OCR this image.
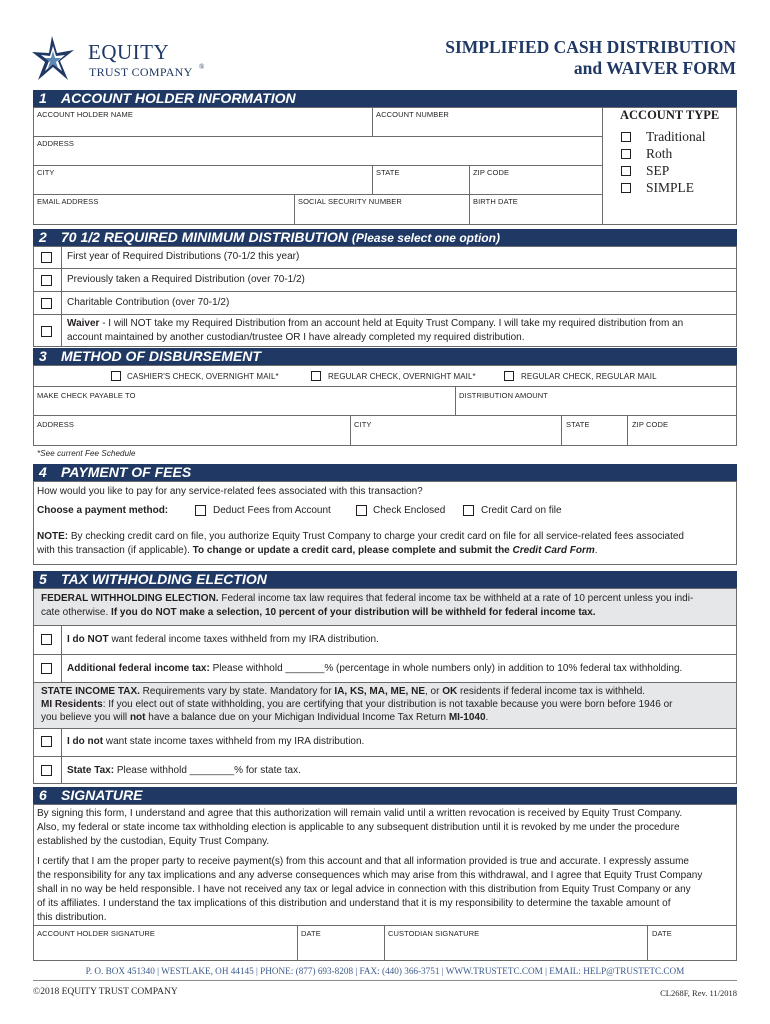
EQUITY
TRUST COMPANY ®
SIMPLIFIED CASH DISTRIBUTION
and WAIVER FORM
1 ACCOUNT HOLDER INFORMATION
ACCOUNT HOLDER NAME	ACCOUNT NUMBER
ADDRESS
CITY	STATE	ZIP CODE
EMAIL ADDRESS	SOCIAL SECURITY NUMBER	BIRTH DATE
ACCOUNT TYPE
Traditional
Roth
SEP
SIMPLE
2 70 1/2 REQUIRED MINIMUM DISTRIBUTION (Please select one option)
First year of Required Distributions (70-1/2 this year)
Previously taken a Required Distribution (over 70-1/2)
Charitable Contribution (over 70-1/2)
Waiver - I will NOT take my Required Distribution from an account held at Equity Trust Company. I will take my required distribution from an
account maintained by another custodian/trustee OR I have already completed my required distribution.
3 METHOD OF DISBURSEMENT
CASHIER'S CHECK, OVERNIGHT MAIL*	REGULAR CHECK, OVERNIGHT MAIL*	REGULAR CHECK, REGULAR MAIL
MAKE CHECK PAYABLE TO	DISTRIBUTION AMOUNT
ADDRESS	CITY	STATE	ZIP CODE
*See current Fee Schedule
4 PAYMENT OF FEES
How would you like to pay for any service-related fees associated with this transaction?
Choose a payment method:	Deduct Fees from Account	Check Enclosed	Credit Card on file
NOTE: By checking credit card on file, you authorize Equity Trust Company to charge your credit card on file for all service-related fees associated
with this transaction (if applicable). To change or update a credit card, please complete and submit the Credit Card Form.
5 TAX WITHHOLDING ELECTION
FEDERAL WITHHOLDING ELECTION. Federal income tax law requires that federal income tax be withheld at a rate of 10 percent unless you indi-
cate otherwise. If you do NOT make a selection, 10 percent of your distribution will be withheld for federal income tax.
I do NOT want federal income taxes withheld from my IRA distribution.
Additional federal income tax: Please withhold _______% (percentage in whole numbers only) in addition to 10% federal tax withholding.
STATE INCOME TAX. Requirements vary by state. Mandatory for IA, KS, MA, ME, NE, or OK residents if federal income tax is withheld.
MI Residents: If you elect out of state withholding, you are certifying that your distribution is not taxable because you were born before 1946 or
you believe you will not have a balance due on your Michigan Individual Income Tax Return MI-1040.
I do not want state income taxes withheld from my IRA distribution.
State Tax: Please withhold ________% for state tax.
6 SIGNATURE
By signing this form, I understand and agree that this authorization will remain valid until a written revocation is received by Equity Trust Company.
Also, my federal or state income tax withholding election is applicable to any subsequent distribution until it is revoked by me under the procedure
established by the custodian, Equity Trust Company.
I certify that I am the proper party to receive payment(s) from this account and that all information provided is true and accurate. I expressly assume
the responsibility for any tax implications and any adverse consequences which may arise from this withdrawal, and I agree that Equity Trust Company
shall in no way be held responsible. I have not received any tax or legal advice in connection with this distribution from Equity Trust Company or any
of its affiliates. I understand the tax implications of this distribution and understand that it is my responsibility to determine the taxable amount of
this distribution.
ACCOUNT HOLDER SIGNATURE	DATE	CUSTODIAN SIGNATURE	DATE
P. O. BOX 451340 | WESTLAKE, OH 44145 | PHONE: (877) 693-8208 | FAX: (440) 366-3751 | WWW.TRUSTETC.COM | EMAIL: HELP@TRUSTETC.COM
©2018 EQUITY TRUST COMPANY	CL268F, Rev. 11/2018
